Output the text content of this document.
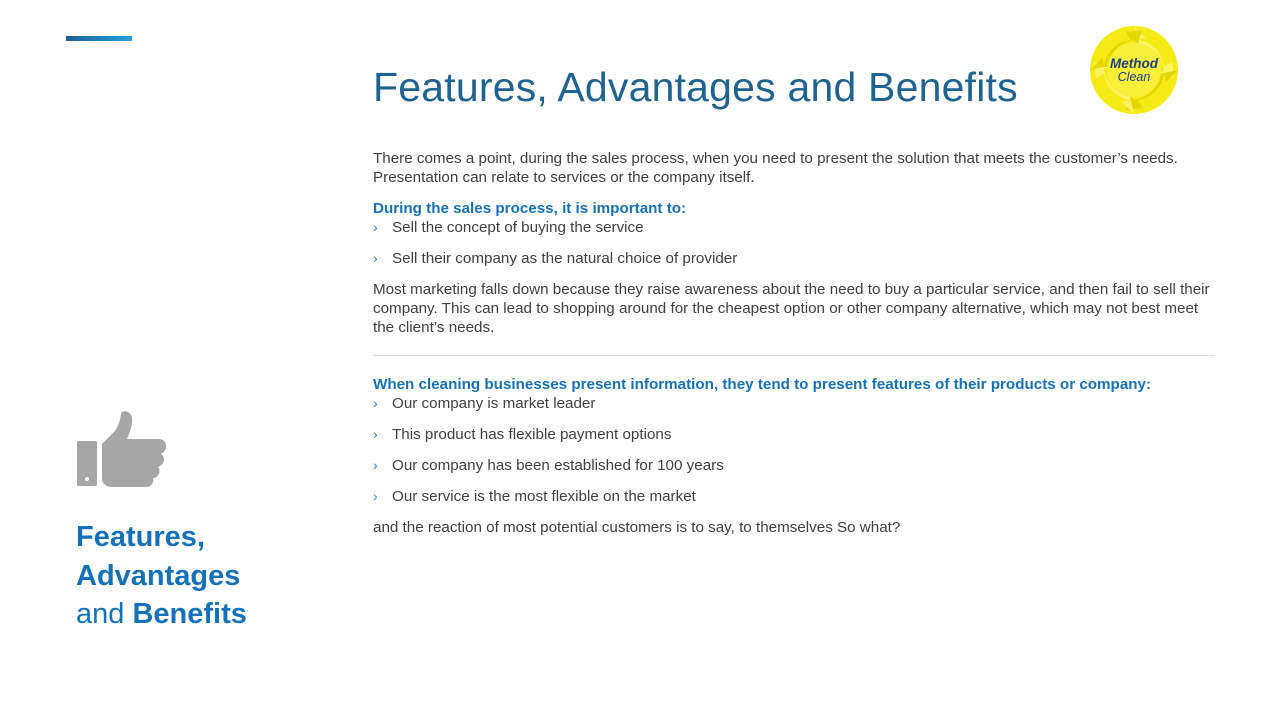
Features, Advantages and Benefits
Method
Clean
Features,
Advantages
and Benefits

There comes a point, during the sales process, when you need to present the solution that meets the customer’s needs. Presentation can relate to services or the company itself.

During the sales process, it is important to:

› Sell the concept of buying the service
› Sell their company as the natural choice of provider

Most marketing falls down because they raise awareness about the need to buy a particular service, and then fail to sell their company. This can lead to shopping around for the cheapest option or other company alternative, which may not best meet the client’s needs.

When cleaning businesses present information, they tend to present features of their products or company:

› Our company is market leader
› This product has flexible payment options
› Our company has been established for 100 years
› Our service is the most flexible on the market

and the reaction of most potential customers is to say, to themselves So what?
